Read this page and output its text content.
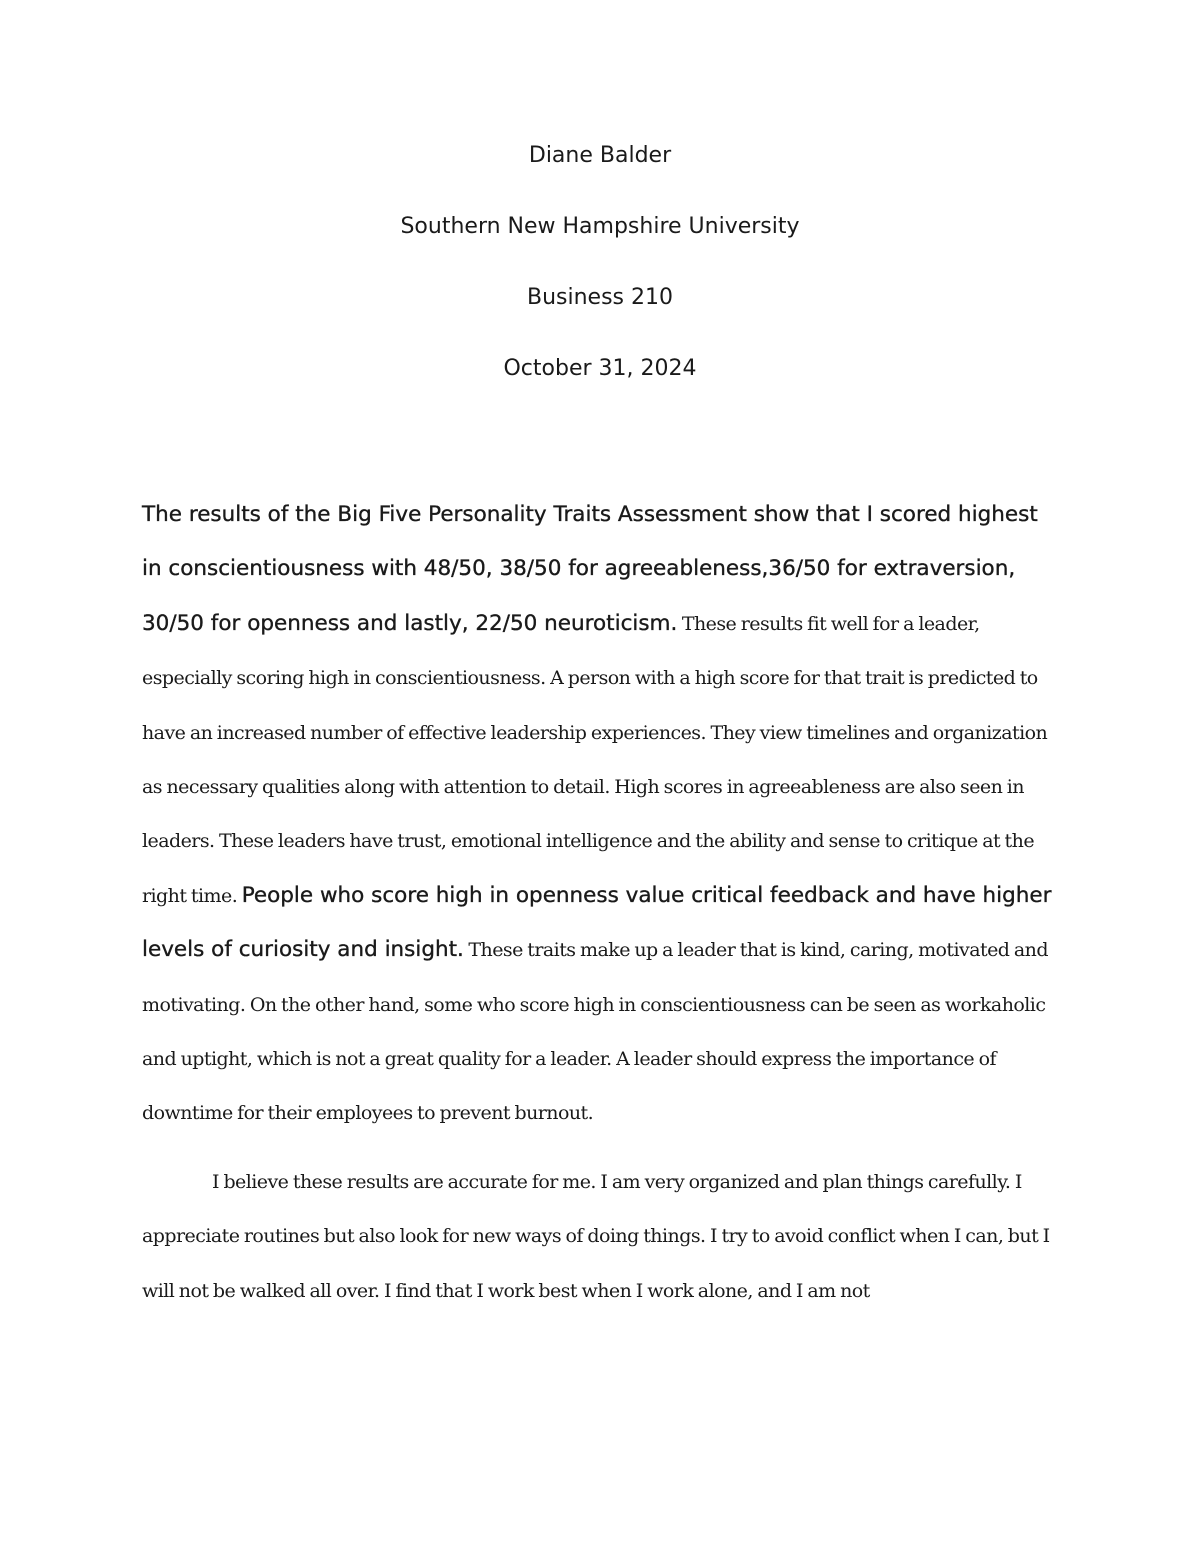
Diane Balder
Southern New Hampshire University
Business 210
October 31, 2024

The results of the Big Five Personality Traits Assessment show that I scored highest in conscientiousness with 48/50, 38/50 for agreeableness,36/50 for extraversion, 30/50 for openness and lastly, 22/50 neuroticism. These results fit well for a leader, especially scoring high in conscientiousness. A person with a high score for that trait is predicted to have an increased number of effective leadership experiences. They view timelines and organization as necessary qualities along with attention to detail. High scores in agreeableness are also seen in leaders. These leaders have trust, emotional intelligence and the ability and sense to critique at the right time. People who score high in openness value critical feedback and have higher levels of curiosity and insight. These traits make up a leader that is kind, caring, motivated and motivating. On the other hand, some who score high in conscientiousness can be seen as workaholic and uptight, which is not a great quality for a leader. A leader should express the importance of downtime for their employees to prevent burnout.

I believe these results are accurate for me. I am very organized and plan things carefully. I appreciate routines but also look for new ways of doing things. I try to avoid conflict when I can, but I will not be walked all over. I find that I work best when I work alone, and I am not
